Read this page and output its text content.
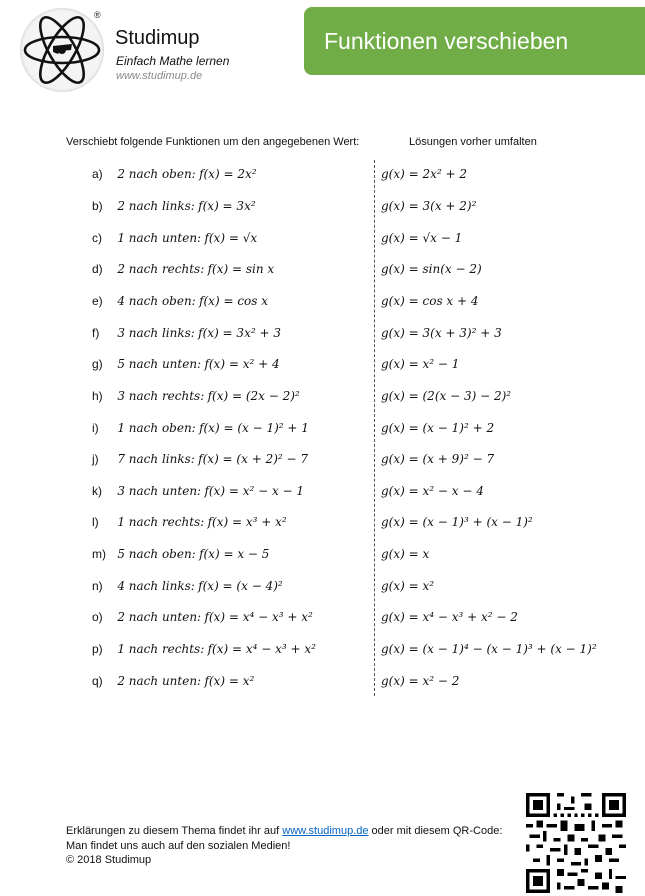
®
Studimup
Einfach Mathe lernen
www.studimup.de
Funktionen verschieben
Verschiebt folgende Funktionen um den angegebenen Wert:	Lösungen vorher umfalten
a) 2 nach oben: f(x) = 2x²
b) 2 nach links: f(x) = 3x²
c) 1 nach unten: f(x) = √x
d) 2 nach rechts: f(x) = sin x
e) 4 nach oben: f(x) = cos x
f) 3 nach links: f(x) = 3x² + 3
g) 5 nach unten: f(x) = x² + 4
h) 3 nach rechts: f(x) = (2x − 2)²
i) 1 nach oben: f(x) = (x − 1)² + 1
j) 7 nach links: f(x) = (x + 2)² − 7
k) 3 nach unten: f(x) = x² − x − 1
l) 1 nach rechts: f(x) = x³ + x²
m) 5 nach oben: f(x) = x − 5
n) 4 nach links: f(x) = (x − 4)²
o) 2 nach unten: f(x) = x⁴ − x³ + x²
p) 1 nach rechts: f(x) = x⁴ − x³ + x²
q) 2 nach unten: f(x) = x²
g(x) = 2x² + 2
g(x) = 3(x + 2)²
g(x) = √x − 1
g(x) = sin(x − 2)
g(x) = cos x + 4
g(x) = 3(x + 3)² + 3
g(x) = x² − 1
g(x) = (2(x − 3) − 2)²
g(x) = (x − 1)² + 2
g(x) = (x + 9)² − 7
g(x) = x² − x − 4
g(x) = (x − 1)³ + (x − 1)²
g(x) = x
g(x) = x²
g(x) = x⁴ − x³ + x² − 2
g(x) = (x − 1)⁴ − (x − 1)³ + (x − 1)²
g(x) = x² − 2
Erklärungen zu diesem Thema findet ihr auf www.studimup.de oder mit diesem QR-Code:
Man findet uns auch auf den sozialen Medien!
© 2018 Studimup
